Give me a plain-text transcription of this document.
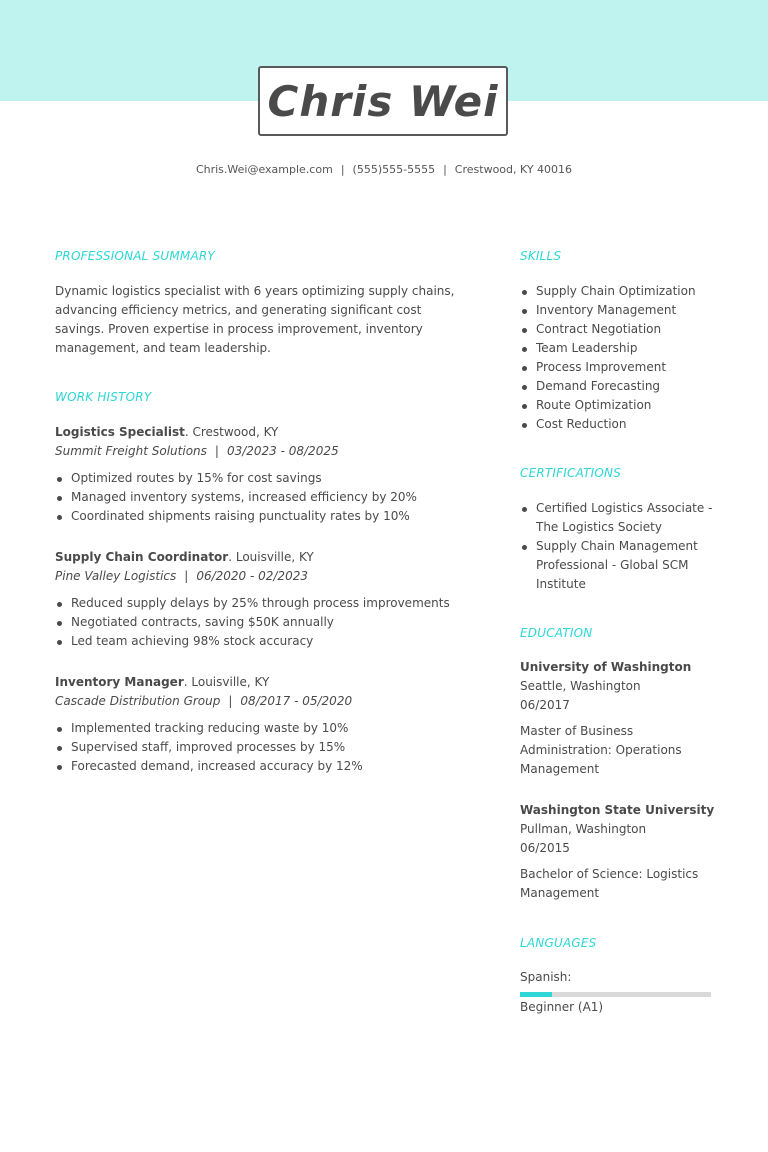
Chris Wei
Chris.Wei@example.com | (555)555-5555 | Crestwood, KY 40016
PROFESSIONAL SUMMARY
Dynamic logistics specialist with 6 years optimizing supply chains, advancing efficiency metrics, and generating significant cost savings. Proven expertise in process improvement, inventory management, and team leadership.
WORK HISTORY
Logistics Specialist. Crestwood, KY
Summit Freight Solutions | 03/2023 - 08/2025
Optimized routes by 15% for cost savings
Managed inventory systems, increased efficiency by 20%
Coordinated shipments raising punctuality rates by 10%
Supply Chain Coordinator. Louisville, KY
Pine Valley Logistics | 06/2020 - 02/2023
Reduced supply delays by 25% through process improvements
Negotiated contracts, saving $50K annually
Led team achieving 98% stock accuracy
Inventory Manager. Louisville, KY
Cascade Distribution Group | 08/2017 - 05/2020
Implemented tracking reducing waste by 10%
Supervised staff, improved processes by 15%
Forecasted demand, increased accuracy by 12%
SKILLS
Supply Chain Optimization
Inventory Management
Contract Negotiation
Team Leadership
Process Improvement
Demand Forecasting
Route Optimization
Cost Reduction
CERTIFICATIONS
Certified Logistics Associate - The Logistics Society
Supply Chain Management Professional - Global SCM Institute
EDUCATION
University of Washington
Seattle, Washington
06/2017
Master of Business Administration: Operations Management
Washington State University
Pullman, Washington
06/2015
Bachelor of Science: Logistics Management
LANGUAGES
Spanish:
Beginner (A1)
